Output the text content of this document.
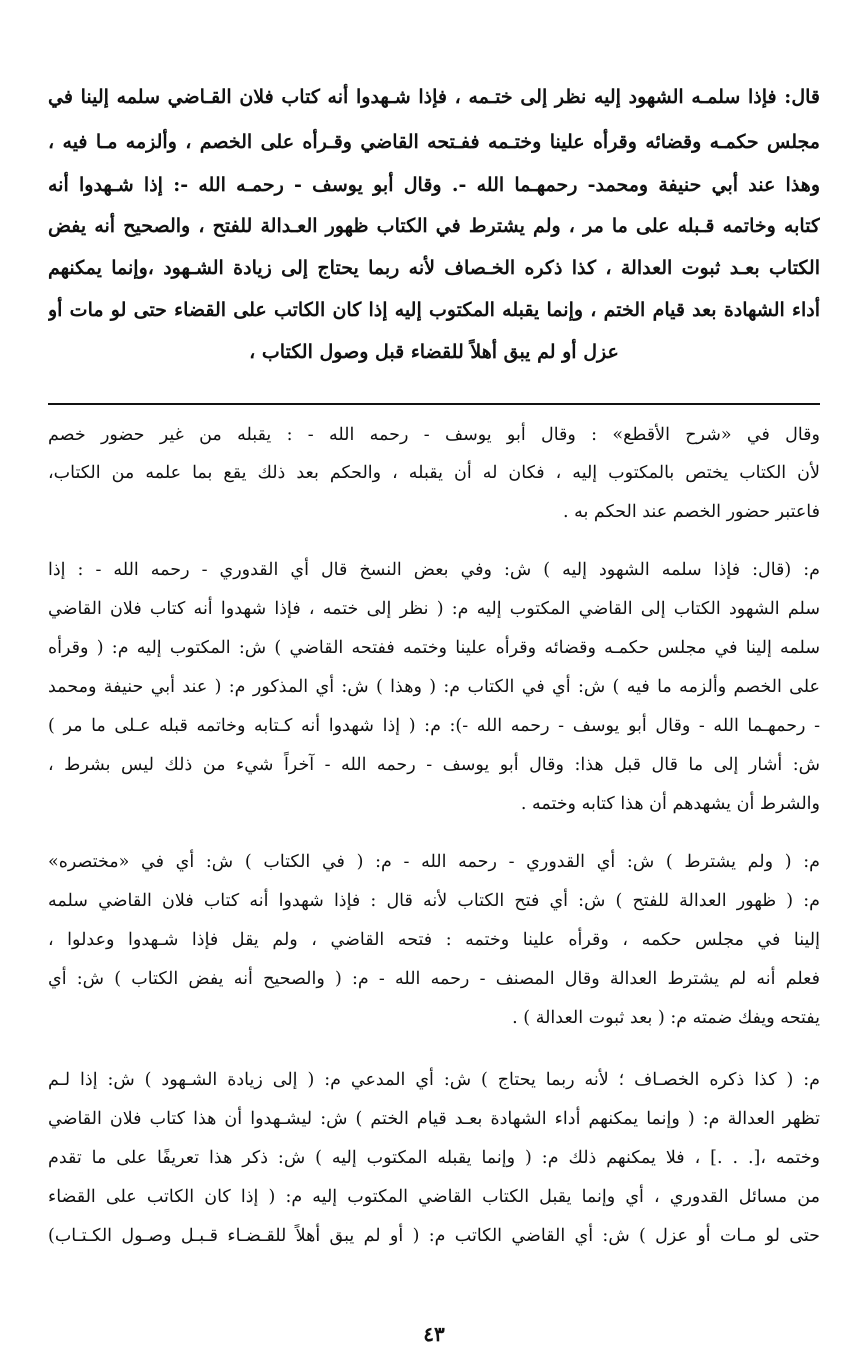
قال: فإذا سلمـه الشهود إليه نظر إلى ختـمه ، فإذا شـهدوا أنه كتاب فلان القـاضي سلمه إلينا في
مجلس حكمـه وقضائه وقرأه علينا وختـمه ففـتحه القاضي وقـرأه على الخصم ، وألزمه مـا فيه ،
وهذا عند أبي حنيفة ومحمد- رحمهـما الله -. وقال أبو يوسف - رحمـه الله -: إذا شـهدوا أنه
كتابه وخاتمه قـبله على ما مر ، ولم يشترط في الكتاب ظهور العـدالة للفتح ، والصحيح أنه يفض
الكتاب بعـد ثبوت العدالة ، كذا ذكره الخـصاف لأنه ربما يحتاج إلى زيادة الشـهود ،وإنما يمكنهم
أداء الشهادة بعد قيام الختم ، وإنما يقبله المكتوب إليه إذا كان الكاتب على القضاء حتى لو مات أو
عزل أو لم يبق أهلاً للقضاء قبل وصول الكتاب ،
وقال في «شرح الأقطع» : وقال أبو يوسف - رحمه الله - : يقبله من غير حضور خصم
لأن الكتاب يختص بالمكتوب إليه ، فكان له أن يقبله ، والحكم بعد ذلك يقع بما علمه من الكتاب،
فاعتبر حضور الخصم عند الحكم به .
م: (قال: فإذا سلمه الشهود إليه ) ش: وفي بعض النسخ قال أي القدوري - رحمه الله - : إذا
سلم الشهود الكتاب إلى القاضي المكتوب إليه م: ( نظر إلى ختمه ، فإذا شهدوا أنه كتاب فلان القاضي
سلمه إلينا في مجلس حكمـه وقضائه وقرأه علينا وختمه ففتحه القاضي ) ش: المكتوب إليه م: ( وقرأه
على الخصم وألزمه ما فيه ) ش: أي في الكتاب م: ( وهذا ) ش: أي المذكور م: ( عند أبي حنيفة ومحمد
- رحمهـما الله - وقال أبو يوسف - رحمه الله -): م: ( إذا شهدوا أنه كـتابه وخاتمه قبله عـلى ما مر )
ش: أشار إلى ما قال قبل هذا: وقال أبو يوسف - رحمه الله - آخراً شيء من ذلك ليس بشرط ،
والشرط أن يشهدهم أن هذا كتابه وختمه .
م: ( ولم يشترط ) ش: أي القدوري - رحمه الله - م: ( في الكتاب ) ش: أي في «مختصره»
م: ( ظهور العدالة للفتح ) ش: أي فتح الكتاب لأنه قال : فإذا شهدوا أنه كتاب فلان القاضي سلمه
إلينا في مجلس حكمه ، وقرأه علينا وختمه : فتحه القاضي ، ولم يقل فإذا شـهدوا وعدلوا ،
فعلم أنه لم يشترط العدالة وقال المصنف - رحمه الله - م: ( والصحيح أنه يفض الكتاب ) ش: أي
يفتحه ويفك ضمته م: ( بعد ثبوت العدالة ) .
م: ( كذا ذكره الخصـاف ؛ لأنه ربما يحتاج ) ش: أي المدعي م: ( إلى زيادة الشـهود ) ش: إذا لـم
تظهر العدالة م: ( وإنما يمكنهم أداء الشهادة بعـد قيام الختم ) ش: ليشـهدوا أن هذا كتاب فلان القاضي
وختمه ،[. . .] ، فلا يمكنهم ذلك م: ( وإنما يقبله المكتوب إليه ) ش: ذكر هذا تعريفًا على ما تقدم
من مسائل القدوري ، أي وإنما يقبل الكتاب القاضي المكتوب إليه م: ( إذا كان الكاتب على القضاء
حتى لو مـات أو عزل ) ش: أي القاضي الكاتب م: ( أو لم يبق أهلاً للقـضـاء قـبـل وصـول الكـتـاب)
٤٣
